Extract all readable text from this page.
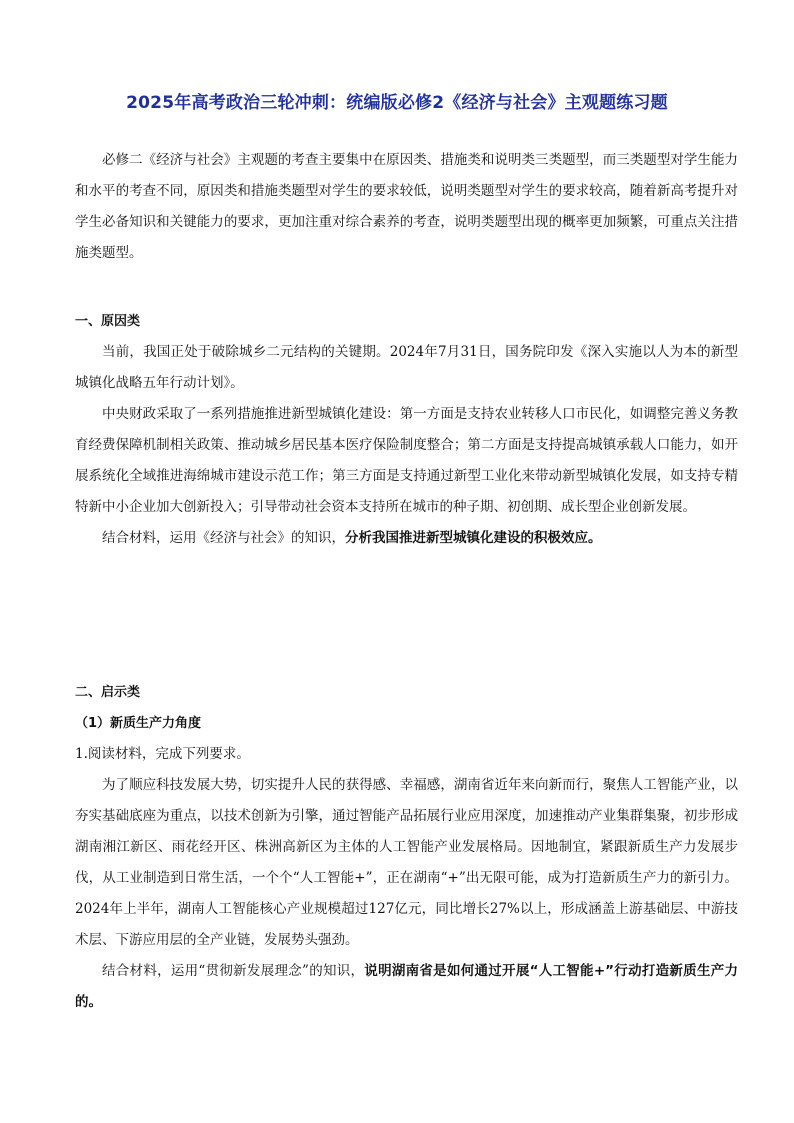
2025年高考政治三轮冲刺：统编版必修2《经济与社会》主观题练习题
必修二《经济与社会》主观题的考查主要集中在原因类、措施类和说明类三类题型，而三类题型对学生能力和水平的考查不同，原因类和措施类题型对学生的要求较低，说明类题型对学生的要求较高，随着新高考提升对学生必备知识和关键能力的要求，更加注重对综合素养的考查，说明类题型出现的概率更加频繁，可重点关注措施类题型。
一、原因类

当前，我国正处于破除城乡二元结构的关键期。2024年7月31日，国务院印发《深入实施以人为本的新型城镇化战略五年行动计划》。

中央财政采取了一系列措施推进新型城镇化建设：第一方面是支持农业转移人口市民化，如调整完善义务教育经费保障机制相关政策、推动城乡居民基本医疗保险制度整合；第二方面是支持提高城镇承载人口能力，如开展系统化全域推进海绵城市建设示范工作；第三方面是支持通过新型工业化来带动新型城镇化发展，如支持专精特新中小企业加大创新投入；引导带动社会资本支持所在城市的种子期、初创期、成长型企业创新发展。

结合材料，运用《经济与社会》的知识，分析我国推进新型城镇化建设的积极效应。

二、启示类
（1）新质生产力角度

1.阅读材料，完成下列要求。

为了顺应科技发展大势，切实提升人民的获得感、幸福感，湖南省近年来向新而行，聚焦人工智能产业，以夯实基础底座为重点，以技术创新为引擎，通过智能产品拓展行业应用深度，加速推动产业集群集聚，初步形成湖南湘江新区、雨花经开区、株洲高新区为主体的人工智能产业发展格局。因地制宜，紧跟新质生产力发展步伐，从工业制造到日常生活，一个个“人工智能+”，正在湖南“+”出无限可能，成为打造新质生产力的新引力。2024年上半年，湖南人工智能核心产业规模超过127亿元，同比增长27%以上，形成涵盖上游基础层、中游技术层、下游应用层的全产业链，发展势头强劲。

结合材料，运用“贯彻新发展理念”的知识，说明湖南省是如何通过开展“人工智能+”行动打造新质生产力的。
